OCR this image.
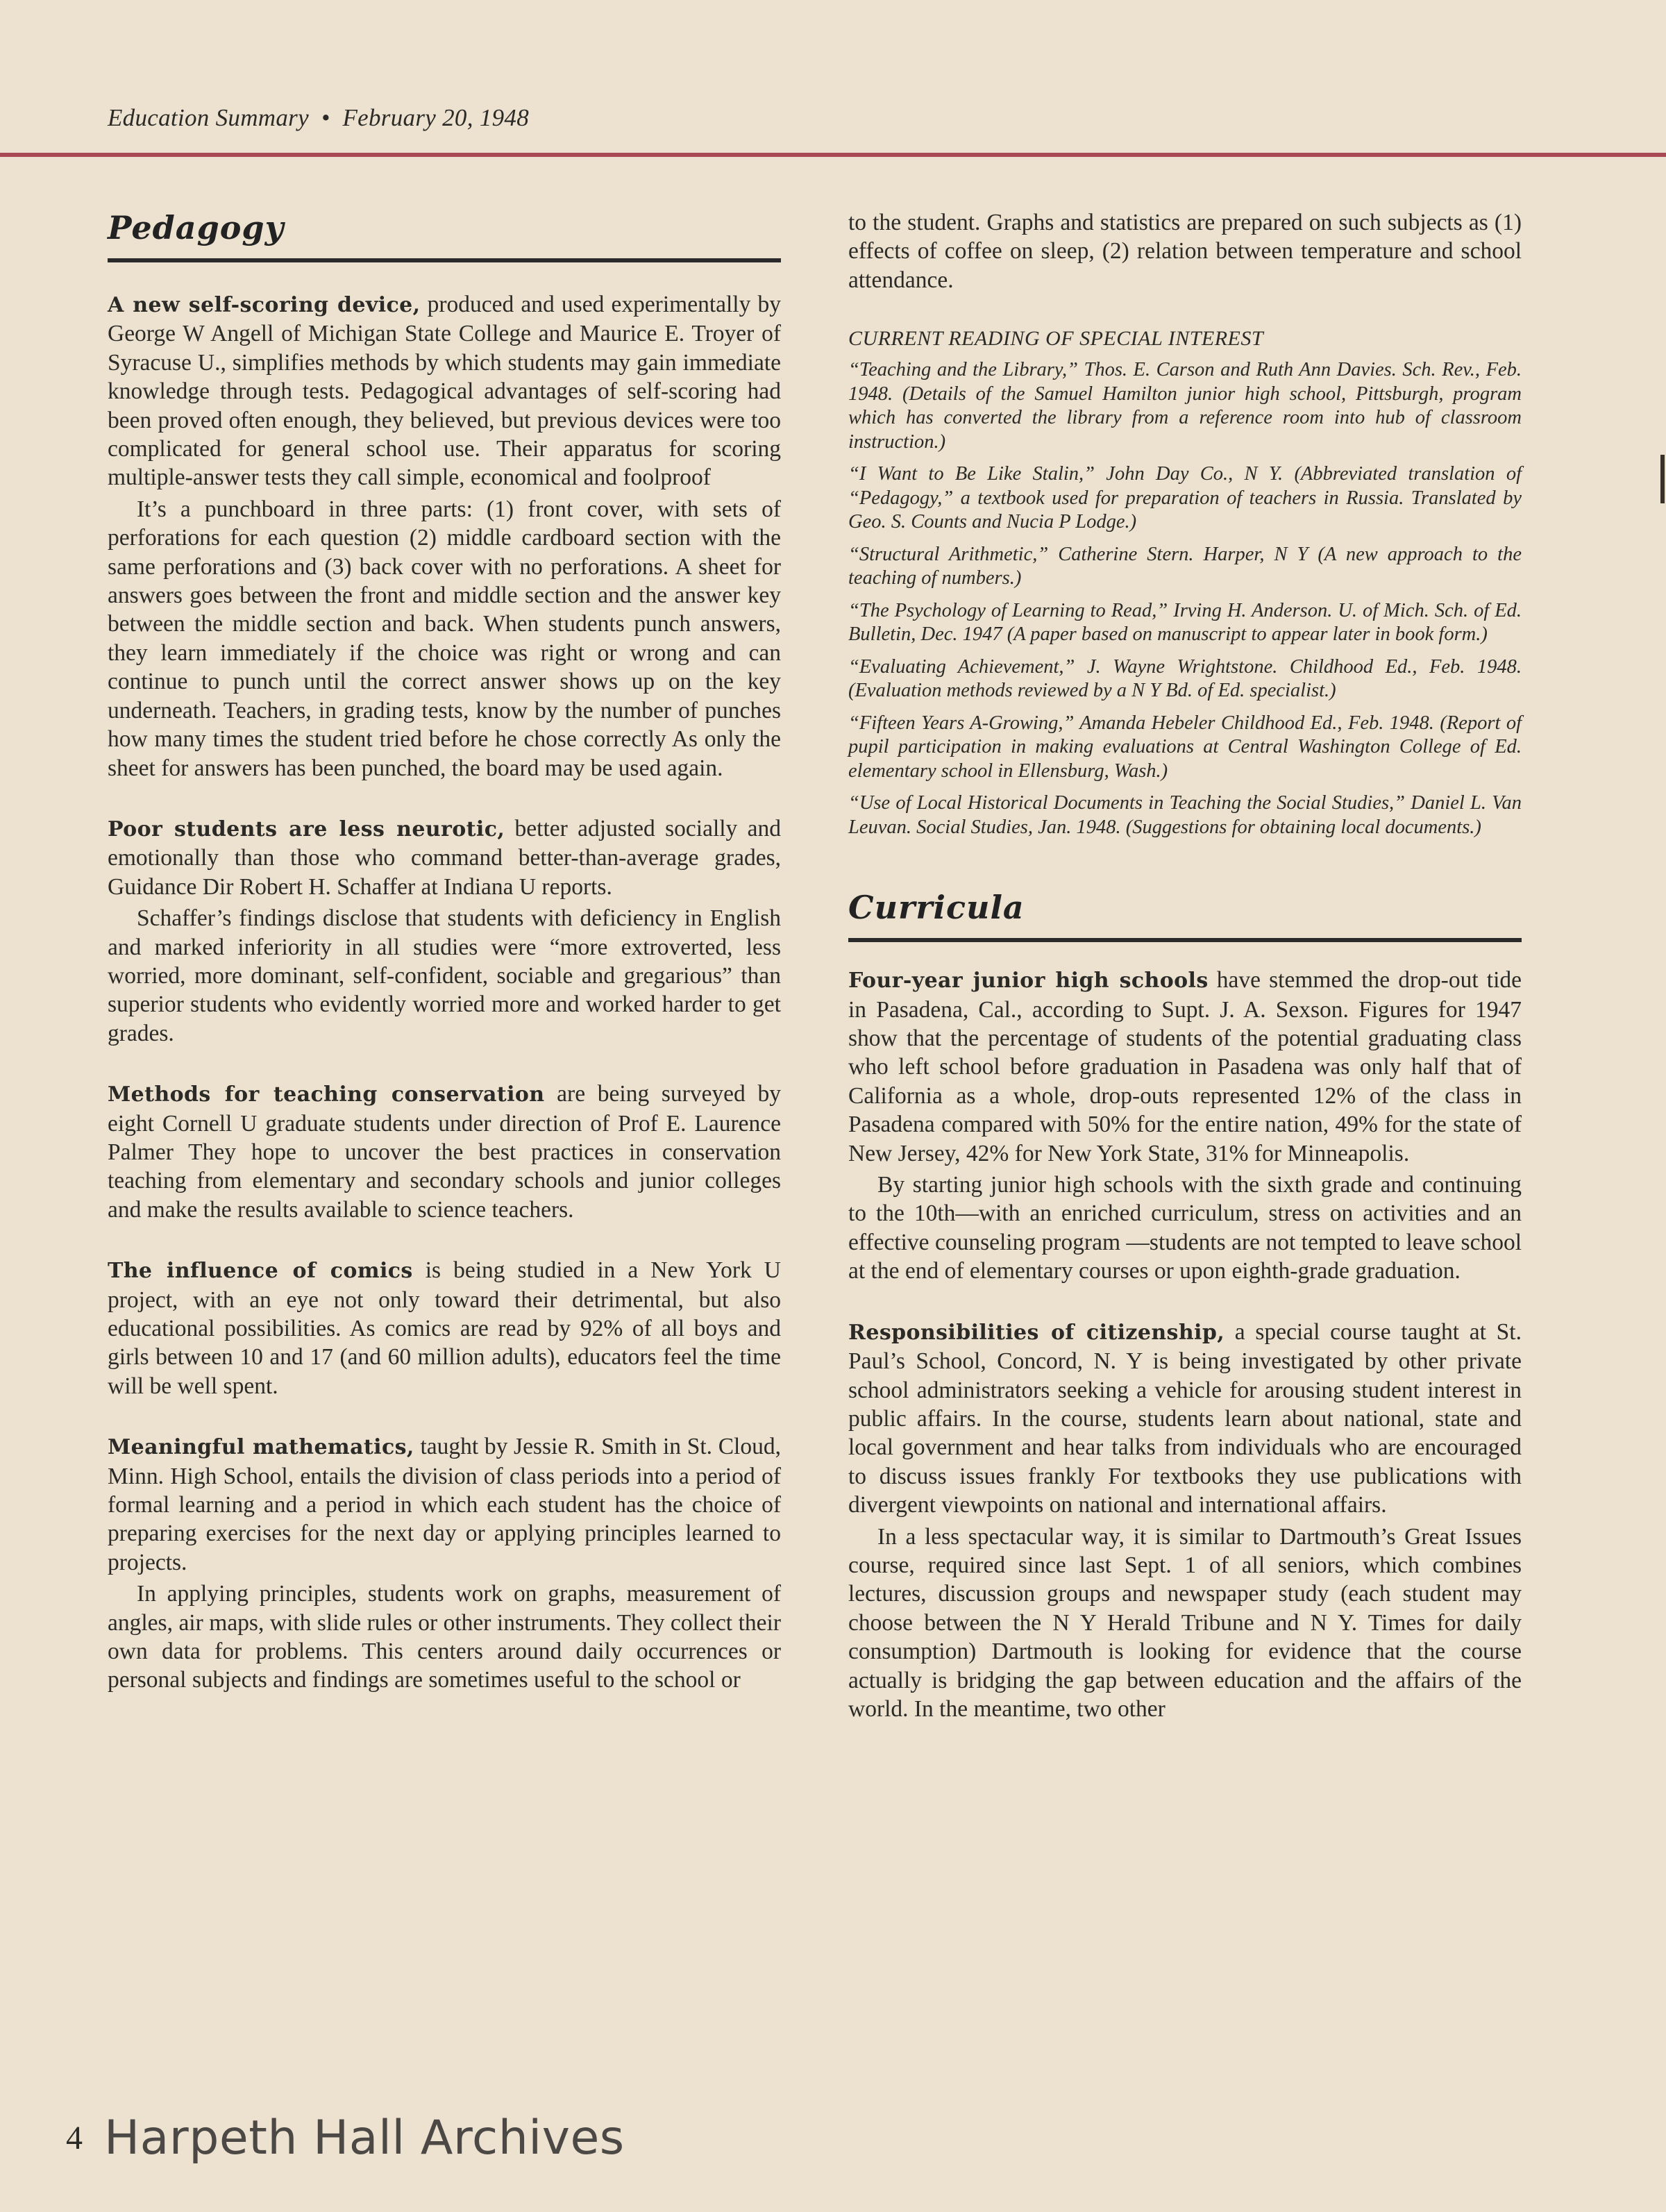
Education Summary • February 20, 1948
Pedagogy

A new self-scoring device, produced and used experimentally by George W Angell of Michigan State College and Maurice E. Troyer of Syracuse U., simplifies methods by which students may gain immediate knowledge through tests. Pedagogical advantages of self-scoring had been proved often enough, they believed, but previous devices were too complicated for general school use. Their apparatus for scoring multiple-answer tests they call simple, economical and foolproof

It’s a punchboard in three parts: (1) front cover, with sets of perforations for each question (2) middle cardboard section with the same perforations and (3) back cover with no perforations. A sheet for answers goes between the front and middle section and the answer key between the middle section and back. When students punch answers, they learn immediately if the choice was right or wrong and can continue to punch until the correct answer shows up on the key underneath. Teachers, in grading tests, know by the number of punches how many times the student tried before he chose correctly As only the sheet for answers has been punched, the board may be used again.

Poor students are less neurotic, better adjusted socially and emotionally than those who command better-than-average grades, Guidance Dir Robert H. Schaffer at Indiana U reports.

Schaffer’s findings disclose that students with deficiency in English and marked inferiority in all studies were “more extroverted, less worried, more dominant, self-confident, sociable and gregarious” than superior students who evidently worried more and worked harder to get grades.

Methods for teaching conservation are being surveyed by eight Cornell U graduate students under direction of Prof E. Laurence Palmer They hope to uncover the best practices in conservation teaching from elementary and secondary schools and junior colleges and make the results available to science teachers.

The influence of comics is being studied in a New York U project, with an eye not only toward their detrimental, but also educational possibilities. As comics are read by 92% of all boys and girls between 10 and 17 (and 60 million adults), educators feel the time will be well spent.

Meaningful mathematics, taught by Jessie R. Smith in St. Cloud, Minn. High School, entails the division of class periods into a period of formal learning and a period in which each student has the choice of preparing exercises for the next day or applying principles learned to projects.

In applying principles, students work on graphs, measurement of angles, air maps, with slide rules or other instruments. They collect their own data for problems. This centers around daily occurrences or personal subjects and findings are sometimes useful to the school or

to the student. Graphs and statistics are prepared on such subjects as (1) effects of coffee on sleep, (2) relation between temperature and school attendance.

CURRENT READING OF SPECIAL INTEREST
“Teaching and the Library,” Thos. E. Carson and Ruth Ann Davies. Sch. Rev., Feb. 1948. (Details of the Samuel Hamilton junior high school, Pittsburgh, program which has converted the library from a reference room into hub of classroom instruction.)
“I Want to Be Like Stalin,” John Day Co., N Y. (Abbreviated translation of “Pedagogy,” a textbook used for preparation of teachers in Russia. Translated by Geo. S. Counts and Nucia P Lodge.)
“Structural Arithmetic,” Catherine Stern. Harper, N Y (A new approach to the teaching of numbers.)
“The Psychology of Learning to Read,” Irving H. Anderson. U. of Mich. Sch. of Ed. Bulletin, Dec. 1947 (A paper based on manuscript to appear later in book form.)
“Evaluating Achievement,” J. Wayne Wrightstone. Childhood Ed., Feb. 1948. (Evaluation methods reviewed by a N Y Bd. of Ed. specialist.)
“Fifteen Years A-Growing,” Amanda Hebeler Childhood Ed., Feb. 1948. (Report of pupil participation in making evaluations at Central Washington College of Ed. elementary school in Ellensburg, Wash.)
“Use of Local Historical Documents in Teaching the Social Studies,” Daniel L. Van Leuvan. Social Studies, Jan. 1948. (Suggestions for obtaining local documents.)
Curricula

Four-year junior high schools have stemmed the drop-out tide in Pasadena, Cal., according to Supt. J. A. Sexson. Figures for 1947 show that the percentage of students of the potential graduating class who left school before graduation in Pasadena was only half that of California as a whole, drop-outs represented 12% of the class in Pasadena compared with 50% for the entire nation, 49% for the state of New Jersey, 42% for New York State, 31% for Minneapolis.

By starting junior high schools with the sixth grade and continuing to the 10th—with an enriched curriculum, stress on activities and an effective counseling program —students are not tempted to leave school at the end of elementary courses or upon eighth-grade graduation.

Responsibilities of citizenship, a special course taught at St. Paul’s School, Concord, N. Y is being investigated by other private school administrators seeking a vehicle for arousing student interest in public affairs. In the course, students learn about national, state and local government and hear talks from individuals who are encouraged to discuss issues frankly For textbooks they use publications with divergent viewpoints on national and international affairs.

In a less spectacular way, it is similar to Dartmouth’s Great Issues course, required since last Sept. 1 of all seniors, which combines lectures, discussion groups and newspaper study (each student may choose between the N Y Herald Tribune and N Y. Times for daily consumption) Dartmouth is looking for evidence that the course actually is bridging the gap between education and the affairs of the world. In the meantime, two other

4 Harpeth Hall Archives
